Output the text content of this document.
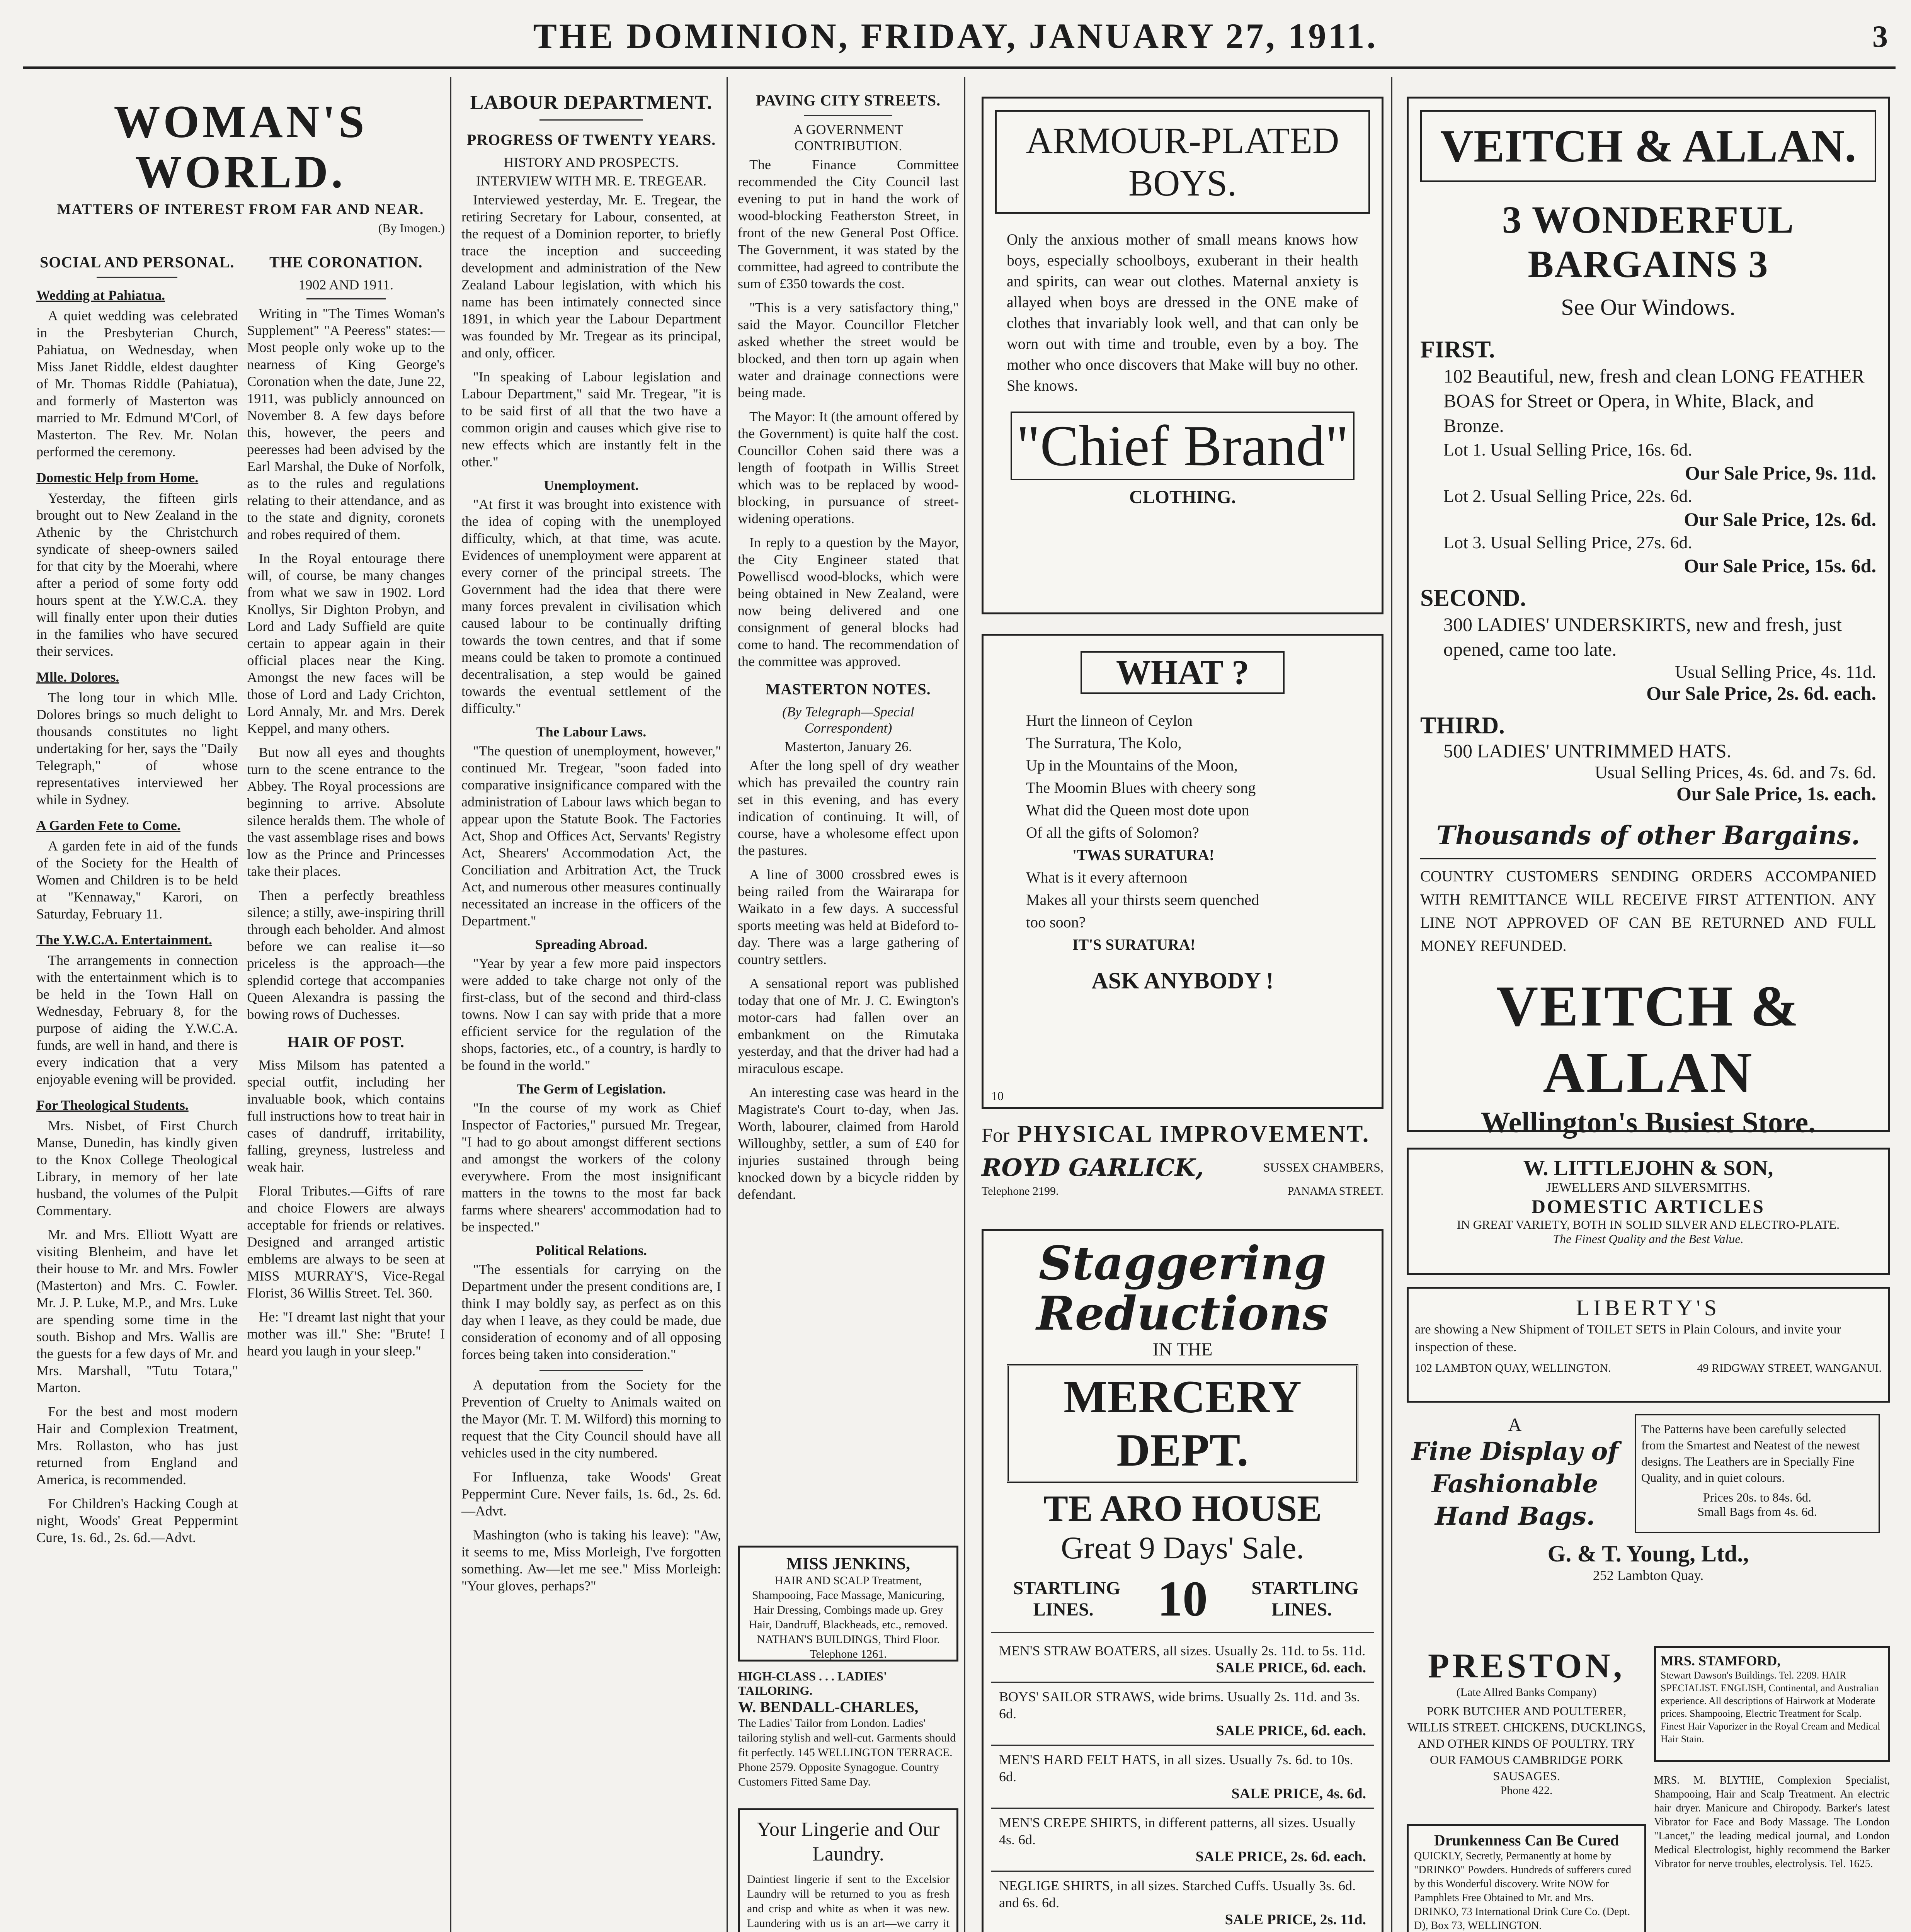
THE DOMINION, FRIDAY, JANUARY 27, 1911.	3
WOMAN'S WORLD.
MATTERS OF INTEREST FROM FAR AND NEAR.
(By Imogen.)
SOCIAL AND PERSONAL.
Wedding at Pahiatua.

A quiet wedding was celebrated in the Presbyterian Church, Pahiatua, on Wednesday, when Miss Janet Riddle, eldest daughter of Mr. Thomas Riddle (Pahiatua), and formerly of Masterton was married to Mr. Edmund M'Corl, of Masterton. The Rev. Mr. Nolan performed the ceremony.

Domestic Help from Home.

Yesterday, the fifteen girls brought out to New Zealand in the Athenic by the Christchurch syndicate of sheep-owners sailed for that city by the Moerahi, where after a period of some forty odd hours spent at the Y.W.C.A. they will finally enter upon their duties in the families who have secured their services.

Mlle. Dolores.

The long tour in which Mlle. Dolores brings so much delight to thousands constitutes no light undertaking for her, says the "Daily Telegraph," of whose representatives interviewed her while in Sydney.

A Garden Fete to Come.

A garden fete in aid of the funds of the Society for the Health of Women and Children is to be held at "Kennaway," Karori, on Saturday, February 11.

The Y.W.C.A. Entertainment.

The arrangements in connection with the entertainment which is to be held in the Town Hall on Wednesday, February 8, for the purpose of aiding the Y.W.C.A. funds, are well in hand, and there is every indication that a very enjoyable evening will be provided.

For Theological Students.

Mrs. Nisbet, of First Church Manse, Dunedin, has kindly given to the Knox College Theological Library, in memory of her late husband, the volumes of the Pulpit Commentary.

Mr. and Mrs. Elliott Wyatt are visiting Blenheim, and have let their house to Mr. and Mrs. Fowler (Masterton) and Mrs. C. Fowler. Mr. J. P. Luke, M.P., and Mrs. Luke are spending some time in the south. Bishop and Mrs. Wallis are the guests for a few days of Mr. and Mrs. Marshall, "Tutu Totara," Marton.

For the best and most modern Hair and Complexion Treatment, Mrs. Rollaston, who has just returned from England and America, is recommended.

For Children's Hacking Cough at night, Woods' Great Peppermint Cure, 1s. 6d., 2s. 6d.—Advt.

THE CORONATION.
1902 AND 1911.

Writing in "The Times Woman's Supplement" "A Peeress" states:— Most people only woke up to the nearness of King George's Coronation when the date, June 22, 1911, was publicly announced on November 8. A few days before this, however, the peers and peeresses had been advised by the Earl Marshal, the Duke of Norfolk, as to the rules and regulations relating to their attendance, and as to the state and dignity, coronets and robes required of them.

In the Royal entourage there will, of course, be many changes from what we saw in 1902. Lord Knollys, Sir Dighton Probyn, and Lord and Lady Suffield are quite certain to appear again in their official places near the King. Amongst the new faces will be those of Lord and Lady Crichton, Lord Annaly, Mr. and Mrs. Derek Keppel, and many others.

But now all eyes and thoughts turn to the scene entrance to the Abbey. The Royal processions are beginning to arrive. Absolute silence heralds them. The whole of the vast assemblage rises and bows low as the Prince and Princesses take their places.

Then a perfectly breathless silence; a stilly, awe-inspiring thrill through each beholder. And almost before we can realise it—so priceless is the approach—the splendid cortege that accompanies Queen Alexandra is passing the bowing rows of Duchesses.

HAIR OF POST.

Miss Milsom has patented a special outfit, including her invaluable book, which contains full instructions how to treat hair in cases of dandruff, irritability, falling, greyness, lustreless and weak hair.

Floral Tributes.—Gifts of rare and choice Flowers are always acceptable for friends or relatives. Designed and arranged artistic emblems are always to be seen at MISS MURRAY'S, Vice-Regal Florist, 36 Willis Street. Tel. 360.

He: "I dreamt last night that your mother was ill." She: "Brute! I heard you laugh in your sleep."

LABOUR DEPARTMENT.
PROGRESS OF TWENTY YEARS.
HISTORY AND PROSPECTS.
INTERVIEW WITH MR. E. TREGEAR.

Interviewed yesterday, Mr. E. Tregear, the retiring Secretary for Labour, consented, at the request of a Dominion reporter, to briefly trace the inception and succeeding development and administration of the New Zealand Labour legislation, with which his name has been intimately connected since 1891, in which year the Labour Department was founded by Mr. Tregear as its principal, and only, officer.

"In speaking of Labour legislation and Labour Department," said Mr. Tregear, "it is to be said first of all that the two have a common origin and causes which give rise to new effects which are instantly felt in the other."

Unemployment.

"At first it was brought into existence with the idea of coping with the unemployed difficulty, which, at that time, was acute. Evidences of unemployment were apparent at every corner of the principal streets. The Government had the idea that there were many forces prevalent in civilisation which caused labour to be continually drifting towards the town centres, and that if some means could be taken to promote a continued decentralisation, a step would be gained towards the eventual settlement of the difficulty."

The Labour Laws.

"The question of unemployment, however," continued Mr. Tregear, "soon faded into comparative insignificance compared with the administration of Labour laws which began to appear upon the Statute Book. The Factories Act, Shop and Offices Act, Servants' Registry Act, Shearers' Accommodation Act, the Conciliation and Arbitration Act, the Truck Act, and numerous other measures continually necessitated an increase in the officers of the Department."

Spreading Abroad.

"Year by year a few more paid inspectors were added to take charge not only of the first-class, but of the second and third-class towns. Now I can say with pride that a more efficient service for the regulation of the shops, factories, etc., of a country, is hardly to be found in the world."

The Germ of Legislation.

"In the course of my work as Chief Inspector of Factories," pursued Mr. Tregear, "I had to go about amongst different sections and amongst the workers of the colony everywhere. From the most insignificant matters in the towns to the most far back farms where shearers' accommodation had to be inspected."

Political Relations.

"The essentials for carrying on the Department under the present conditions are, I think I may boldly say, as perfect as on this day when I leave, as they could be made, due consideration of economy and of all opposing forces being taken into consideration."

A deputation from the Society for the Prevention of Cruelty to Animals waited on the Mayor (Mr. T. M. Wilford) this morning to request that the City Council should have all vehicles used in the city numbered.

For Influenza, take Woods' Great Peppermint Cure. Never fails, 1s. 6d., 2s. 6d.—Advt.

Mashington (who is taking his leave): "Aw, it seems to me, Miss Morleigh, I've forgotten something. Aw—let me see." Miss Morleigh: "Your gloves, perhaps?"

PAVING CITY STREETS.
A GOVERNMENT CONTRIBUTION.

The Finance Committee recommended the City Council last evening to put in hand the work of wood-blocking Featherston Street, in front of the new General Post Office. The Government, it was stated by the committee, had agreed to contribute the sum of £350 towards the cost.

"This is a very satisfactory thing," said the Mayor. Councillor Fletcher asked whether the street would be blocked, and then torn up again when water and drainage connections were being made.

The Mayor: It (the amount offered by the Government) is quite half the cost. Councillor Cohen said there was a length of footpath in Willis Street which was to be replaced by wood-blocking, in pursuance of street-widening operations.

In reply to a question by the Mayor, the City Engineer stated that Powelliscd wood-blocks, which were being obtained in New Zealand, were now being delivered and one consignment of general blocks had come to hand. The recommendation of the committee was approved.

MASTERTON NOTES.
(By Telegraph—Special Correspondent)
Masterton, January 26.

After the long spell of dry weather which has prevailed the country rain set in this evening, and has every indication of continuing. It will, of course, have a wholesome effect upon the pastures.

A line of 3000 crossbred ewes is being railed from the Wairarapa for Waikato in a few days. A successful sports meeting was held at Bideford to-day. There was a large gathering of country settlers.

A sensational report was published today that one of Mr. J. C. Ewington's motor-cars had fallen over an embankment on the Rimutaka yesterday, and that the driver had had a miraculous escape.

An interesting case was heard in the Magistrate's Court to-day, when Jas. Worth, labourer, claimed from Harold Willoughby, settler, a sum of £40 for injuries sustained through being knocked down by a bicycle ridden by defendant.

MISS JENKINS,
HAIR AND SCALP Treatment, Shampooing, Face Massage, Manicuring, Hair Dressing, Combings made up. Grey Hair, Dandruff, Blackheads, etc., removed. NATHAN'S BUILDINGS, Third Floor. Telephone 1261.
HIGH-CLASS . . . LADIES' TAILORING.
W. BENDALL-CHARLES,
The Ladies' Tailor from London. Ladies' tailoring stylish and well-cut. Garments should fit perfectly. 145 WELLINGTON TERRACE. Phone 2579. Opposite Synagogue. Country Customers Fitted Same Day.
Your Lingerie and Our Laundry.
Daintiest lingerie if sent to the Excelsior Laundry will be returned to you as fresh and crisp and white as when it was new. Laundering with us is an art—we carry it
ARMOUR-PLATED BOYS.
Only the anxious mother of small means knows how boys, especially schoolboys, exuberant in their health and spirits, can wear out clothes. Maternal anxiety is allayed when boys are dressed in the ONE make of clothes that invariably look well, and that can only be worn out with time and trouble, even by a boy. The mother who once discovers that Make will buy no other. She knows.
"Chief Brand"
CLOTHING.
WHAT ?
Hurt the linneon of Ceylon
The Surratura, The Kolo,
Up in the Mountains of the Moon,
The Moomin Blues with cheery song
What did the Queen most dote upon
Of all the gifts of Solomon?
'TWAS SURATURA!
What is it every afternoon
Makes all your thirsts seem quenched
too soon?
IT'S SURATURA!
ASK ANYBODY !
10
For PHYSICAL IMPROVEMENT.
ROYD GARLICK,	SUSSEX CHAMBERS,
Telephone 2199.	PANAMA STREET.
Staggering
Reductions
IN THE
MERCERY DEPT.
TE ARO HOUSE
Great 9 Days' Sale.
STARTLING LINES.	10 STARTLING LINES.
MEN'S STRAW BOATERS, all sizes. Usually 2s. 11d. to 5s. 11d.
SALE PRICE, 6d. each.
BOYS' SAILOR STRAWS, wide brims. Usually 2s. 11d. and 3s. 6d.
SALE PRICE, 6d. each.
MEN'S HARD FELT HATS, in all sizes. Usually 7s. 6d. to 10s. 6d.
SALE PRICE, 4s. 6d.
MEN'S CREPE SHIRTS, in different patterns, all sizes. Usually 4s. 6d.
SALE PRICE, 2s. 6d. each.
NEGLIGE SHIRTS, in all sizes. Starched Cuffs. Usually 3s. 6d. and 6s. 6d.
SALE PRICE, 2s. 11d.
VEITCH & ALLAN.
3 WONDERFUL BARGAINS 3
See Our Windows.
FIRST.
102 Beautiful, new, fresh and clean LONG FEATHER BOAS for Street or Opera, in White, Black, and Bronze.
Lot 1. Usual Selling Price, 16s. 6d.
Our Sale Price, 9s. 11d.
Lot 2. Usual Selling Price, 22s. 6d.
Our Sale Price, 12s. 6d.
Lot 3. Usual Selling Price, 27s. 6d.
Our Sale Price, 15s. 6d.
SECOND.
300 LADIES' UNDERSKIRTS, new and fresh, just opened, came too late.
Usual Selling Price, 4s. 11d.
Our Sale Price, 2s. 6d. each.
THIRD.
500 LADIES' UNTRIMMED HATS.
Usual Selling Prices, 4s. 6d. and 7s. 6d.
Our Sale Price, 1s. each.
Thousands of other Bargains.
COUNTRY CUSTOMERS SENDING ORDERS ACCOMPANIED WITH REMITTANCE WILL RECEIVE FIRST ATTENTION. ANY LINE NOT APPROVED OF CAN BE RETURNED AND FULL MONEY REFUNDED.
VEITCH & ALLAN
Wellington's Busiest Store.
W. LITTLEJOHN & SON,
JEWELLERS AND SILVERSMITHS.
DOMESTIC ARTICLES
IN GREAT VARIETY, BOTH IN SOLID SILVER AND ELECTRO-PLATE.
The Finest Quality and the Best Value.
LIBERTY'S
are showing a New Shipment of TOILET SETS in Plain Colours, and invite your inspection of these.
102 LAMBTON QUAY, WELLINGTON.	49 RIDGWAY STREET, WANGANUI.
A
Fine Display of Fashionable Hand Bags.
The Patterns have been carefully selected from the Smartest and Neatest of the newest designs. The Leathers are in Specially Fine Quality, and in quiet colours.
Prices 20s. to 84s. 6d.
Small Bags from 4s. 6d.
G. & T. Young, Ltd.,
252 Lambton Quay.
PRESTON,
(Late Allred Banks Company)
PORK BUTCHER AND POULTERER, WILLIS STREET. CHICKENS, DUCKLINGS, AND OTHER KINDS OF POULTRY. TRY OUR FAMOUS CAMBRIDGE PORK SAUSAGES.
Phone 422.
MRS. STAMFORD,
Stewart Dawson's Buildings. Tel. 2209. HAIR SPECIALIST. ENGLISH, Continental, and Australian experience. All descriptions of Hairwork at Moderate prices. Shampooing, Electric Treatment for Scalp. Finest Hair Vaporizer in the Royal Cream and Medical Hair Stain.
Drunkenness Can Be Cured
QUICKLY, Secretly, Permanently at home by "DRINKO" Powders. Hundreds of sufferers cured by this Wonderful discovery. Write NOW for Pamphlets Free Obtained to Mr. and Mrs. DRINKO, 73 International Drink Cure Co. (Dept. D), Box 73, WELLINGTON.
MRS. M. BLYTHE, Complexion Specialist, Shampooing, Hair and Scalp Treatment. An electric hair dryer. Manicure and Chiropody. Barker's latest Vibrator for Face and Body Massage. The London "Lancet," the leading medical journal, and London Medical Electrologist, highly recommend the Barker Vibrator for nerve troubles, electrolysis. Tel. 1625.
